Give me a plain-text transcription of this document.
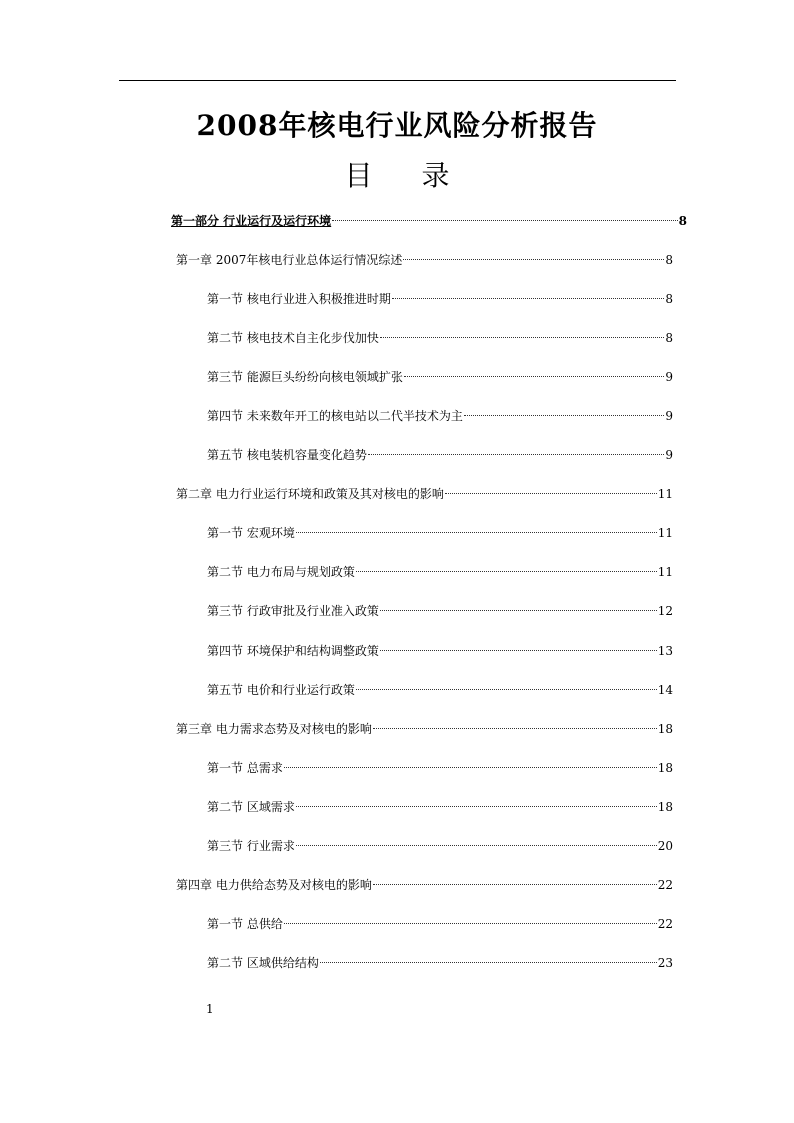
2008年核电行业风险分析报告
目 录
第一部分 行业运行及运行环境	8
第一章 2007年核电行业总体运行情况综述	8
第一节 核电行业进入积极推进时期	8
第二节 核电技术自主化步伐加快	8
第三节 能源巨头纷纷向核电领域扩张	9
第四节 未来数年开工的核电站以二代半技术为主	9
第五节 核电装机容量变化趋势	9
第二章 电力行业运行环境和政策及其对核电的影响	11
第一节 宏观环境	11
第二节 电力布局与规划政策	11
第三节 行政审批及行业准入政策	12
第四节 环境保护和结构调整政策	13
第五节 电价和行业运行政策	14
第三章 电力需求态势及对核电的影响	18
第一节 总需求	18
第二节 区域需求	18
第三节 行业需求	20
第四章 电力供给态势及对核电的影响	22
第一节 总供给	22
第二节 区域供给结构	23
1
